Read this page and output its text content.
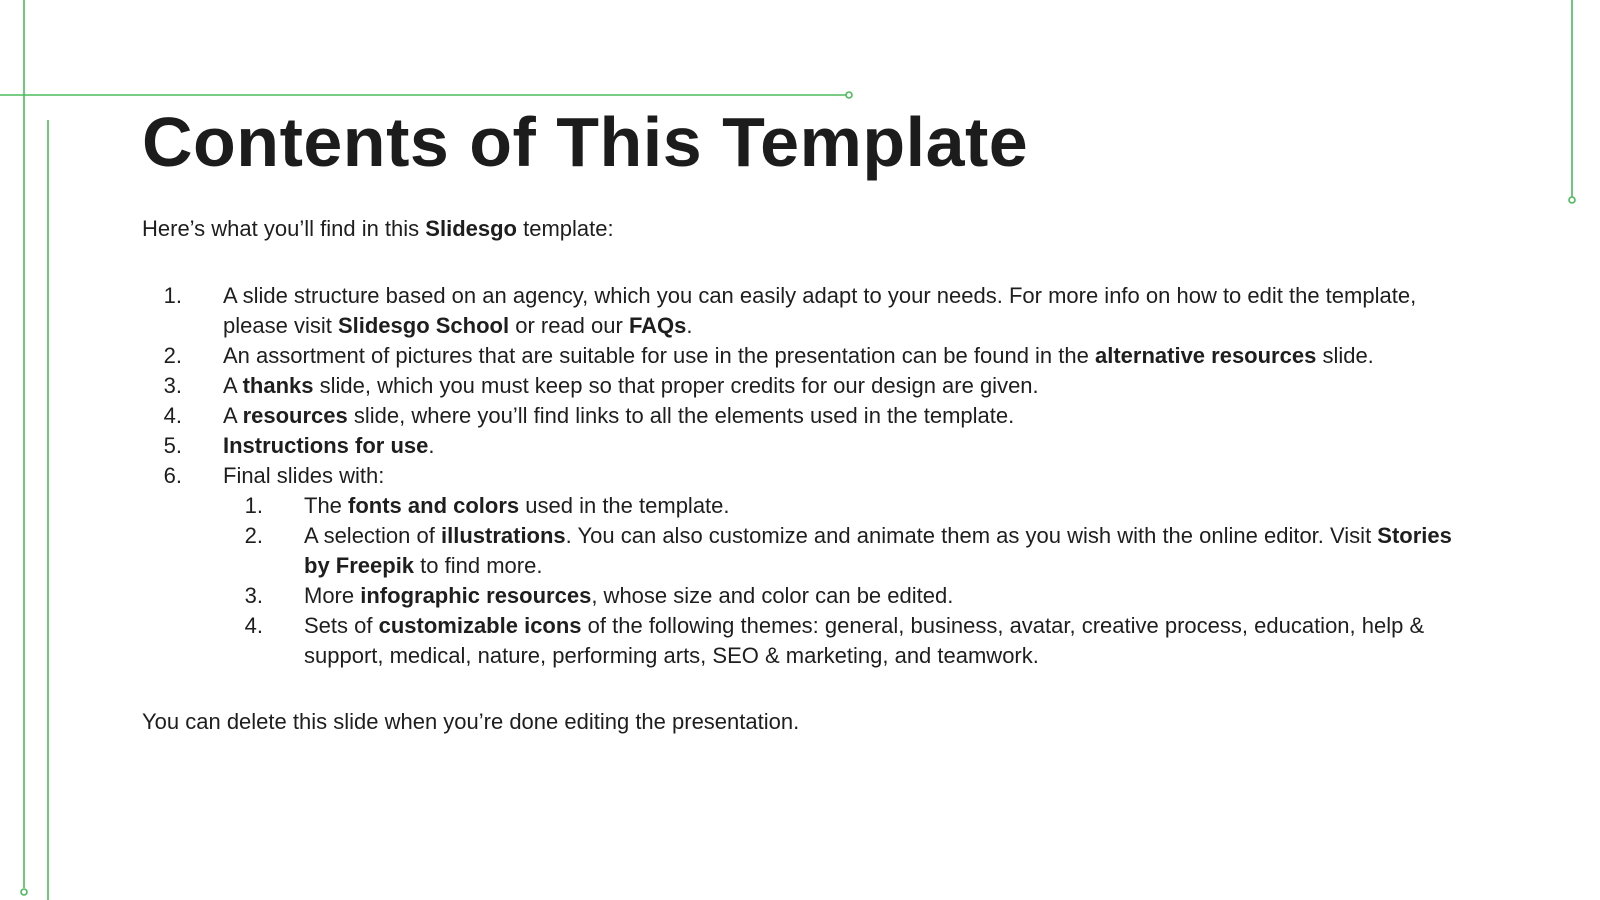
Contents of This Template

Here’s what you’ll find in this Slidesgo template:

1. A slide structure based on an agency, which you can easily adapt to your needs. For more info on how to edit the template, please visit Slidesgo School or read our FAQs.
2. An assortment of pictures that are suitable for use in the presentation can be found in the alternative resources slide.
3. A thanks slide, which you must keep so that proper credits for our design are given.
4. A resources slide, where you’ll find links to all the elements used in the template.
5. Instructions for use.
6. Final slides with:
1. The fonts and colors used in the template.
2. A selection of illustrations. You can also customize and animate them as you wish with the online editor. Visit Stories by Freepik to find more.
3. More infographic resources, whose size and color can be edited.
4. Sets of customizable icons of the following themes: general, business, avatar, creative process, education, help & support, medical, nature, performing arts, SEO & marketing, and teamwork.

You can delete this slide when you’re done editing the presentation.
